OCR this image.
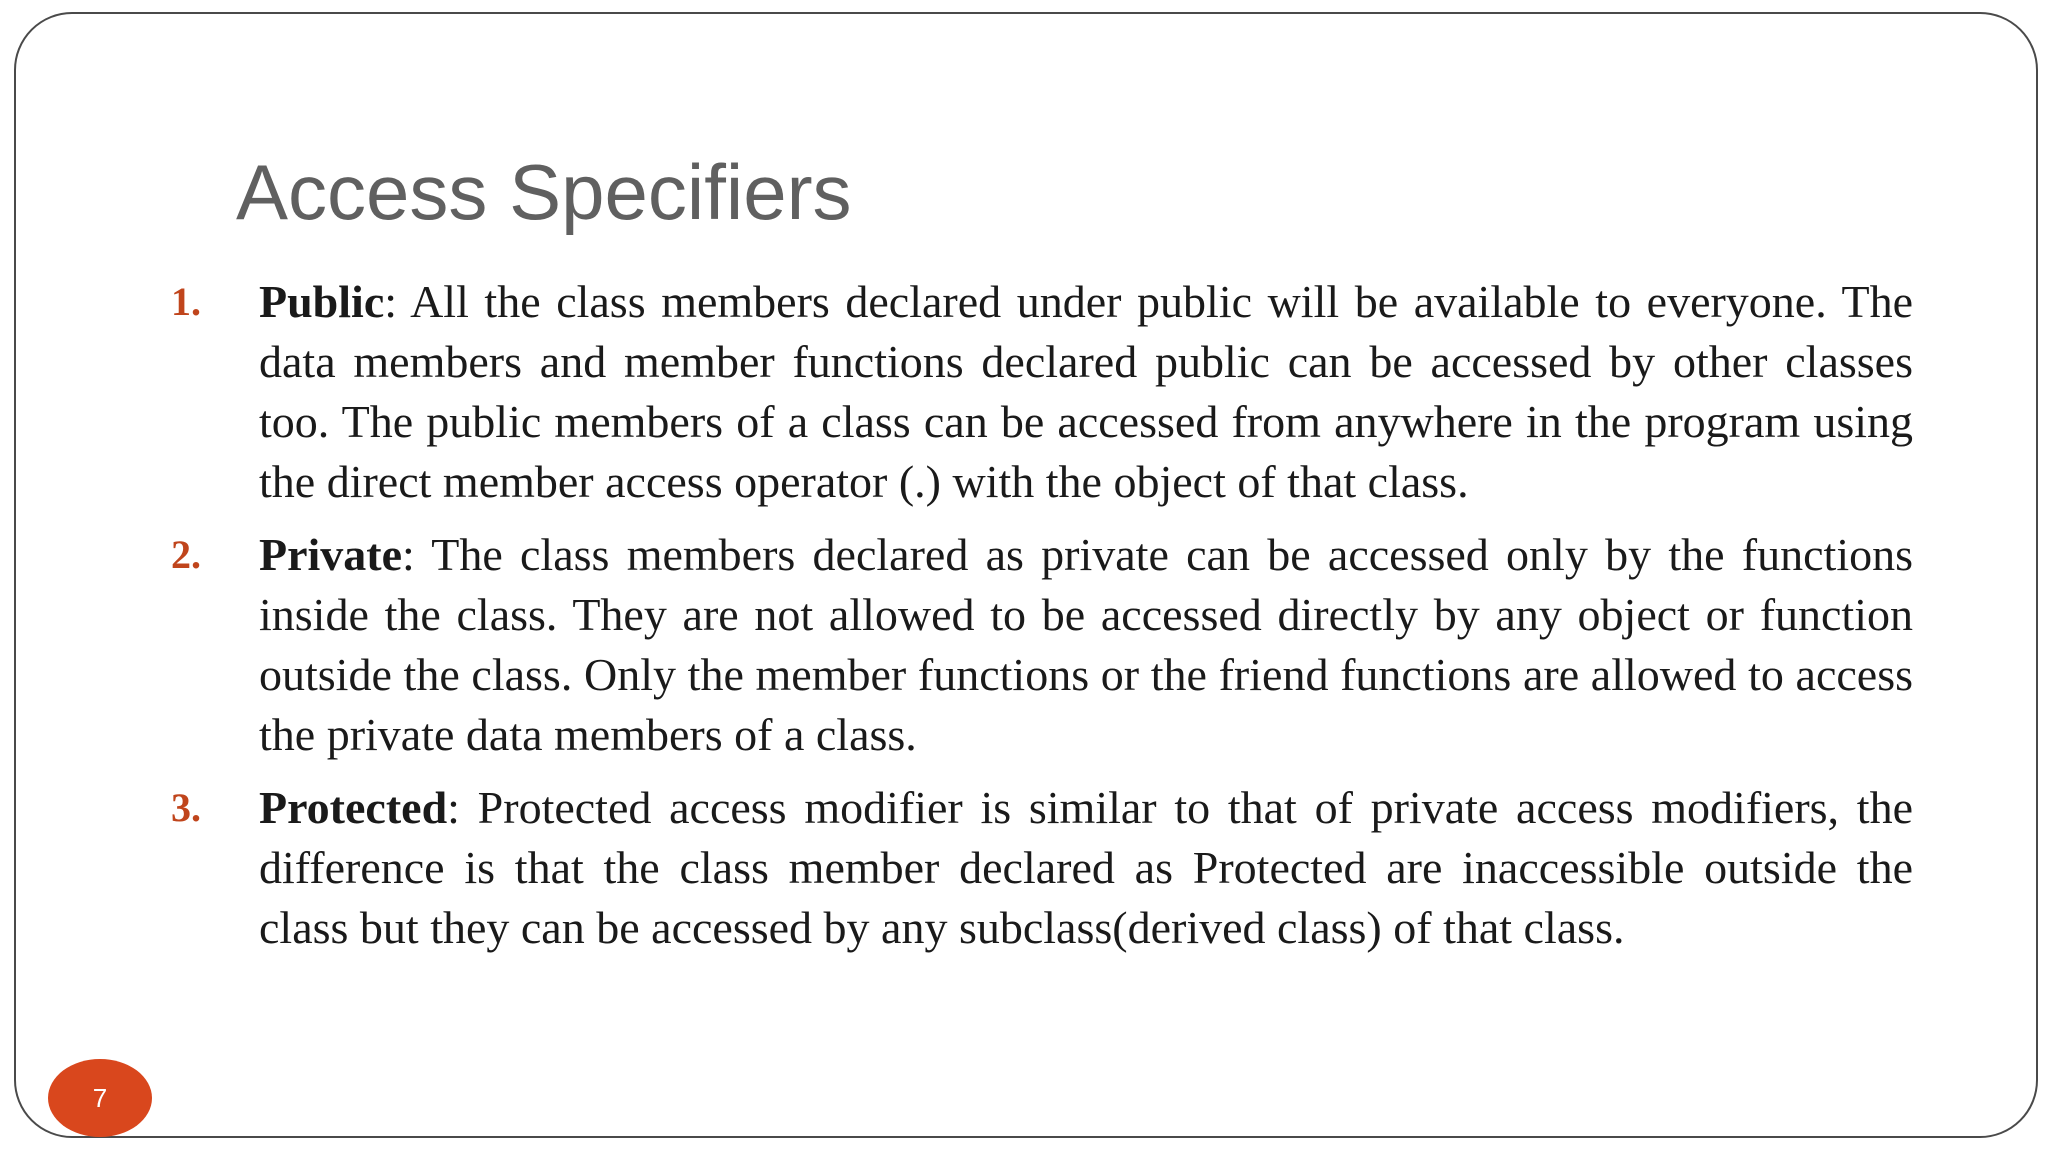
Access Specifiers
1. Public: All the class members declared under public will be available to everyone. The data members and member functions declared public can be accessed by other classes too. The public members of a class can be accessed from anywhere in the program using the direct member access operator (.) with the object of that class.
2. Private: The class members declared as private can be accessed only by the functions inside the class. They are not allowed to be accessed directly by any object or function outside the class. Only the member functions or the friend functions are allowed to access the private data members of a class.
3. Protected: Protected access modifier is similar to that of private access modifiers, the difference is that the class member declared as Protected are inaccessible outside the class but they can be accessed by any subclass(derived class) of that class.
7
